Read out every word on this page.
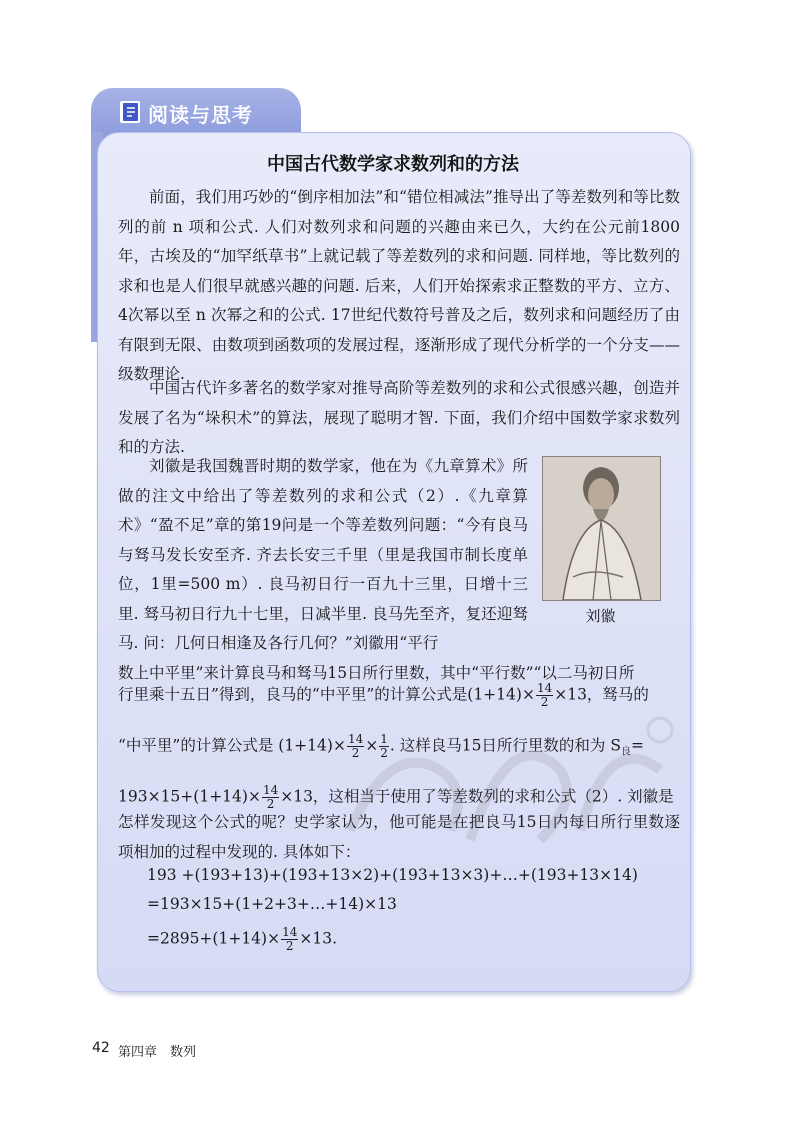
阅读与思考
中国古代数学家求数列和的方法

前面，我们用巧妙的“倒序相加法”和“错位相减法”推导出了等差数列和等比数列的前 n 项和公式. 人们对数列求和问题的兴趣由来已久，大约在公元前1800年，古埃及的“加罕纸草书”上就记载了等差数列的求和问题. 同样地，等比数列的求和也是人们很早就感兴趣的问题. 后来，人们开始探索求正整数的平方、立方、4次幂以至 n 次幂之和的公式. 17世纪代数符号普及之后，数列求和问题经历了由有限到无限、由数项到函数项的发展过程，逐渐形成了现代分析学的一个分支——级数理论.

中国古代许多著名的数学家对推导高阶等差数列的求和公式很感兴趣，创造并发展了名为“垛积术”的算法，展现了聪明才智. 下面，我们介绍中国数学家求数列和的方法.

刘徽是我国魏晋时期的数学家，他在为《九章算术》所做的注文中给出了等差数列的求和公式（2）.《九章算术》“盈不足”章的第19问是一个等差数列问题：“今有良马与驽马发长安至齐. 齐去长安三千里（里是我国市制长度单位，1里=500 m）. 良马初日行一百九十三里，日增十三里. 驽马初日行九十七里，日减半里. 良马先至齐，复还迎驽马. 问：几何日相逢及各行几何？”刘徽用“平行

数上中平里”来计算良马和驽马15日所行里数，其中“平行数”“以二马初日所

刘徽
行里乘十五日”得到，良马的“中平里”的计算公式是$(1+14)\times \frac{14}{2} \times 13$，驽马的
“中平里”的计算公式是 $(1+14)\times \frac{14}{2} \times \frac{1}{2}$ . 这样良马15日所行里数的和为 $S_良=$
$193\times 15+(1+14)\times \frac{14}{2} \times 13$，这相当于使用了等差数列的求和公式（2）. 刘徽是

怎样发现这个公式的呢？史学家认为，他可能是在把良马15日内每日所行里数逐项相加的过程中发现的. 具体如下：

193 +(193+13)+(193+13×2)+(193+13×3)+…+(193+13×14)
=193×15+(1+2+3+…+14)×13
$=2895+(1+14)\times \frac{14}{2} \times 13$.
42 第四章　数列
